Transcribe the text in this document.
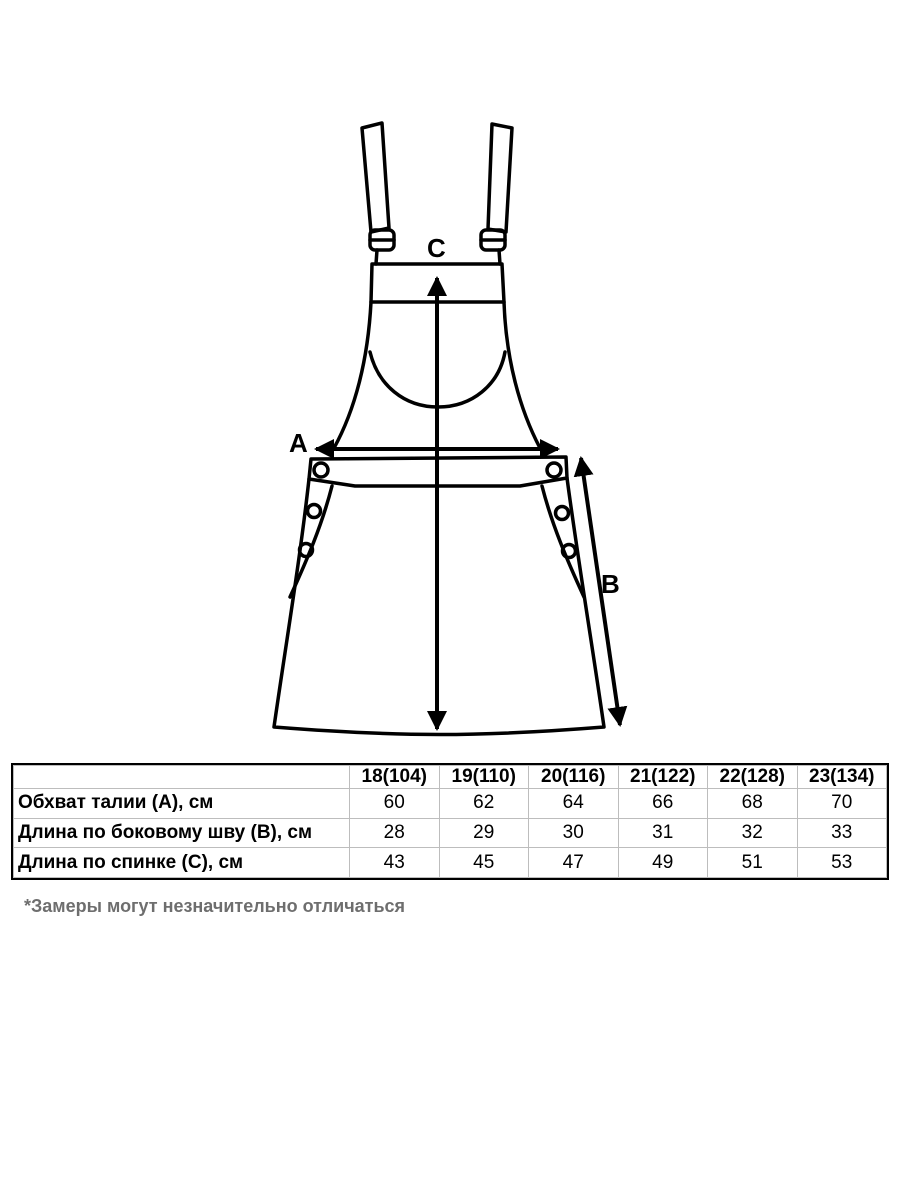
C
A
B
	18(104)	19(110)	20(116)	21(122)	22(128)	23(134)
Обхват талии (А), см	60	62	64	66	68	70
Длина по боковому шву (В), см	28	29	30	31	32	33
Длина по спинке (С), см	43	45	47	49	51	53
*Замеры могут незначительно отличаться
